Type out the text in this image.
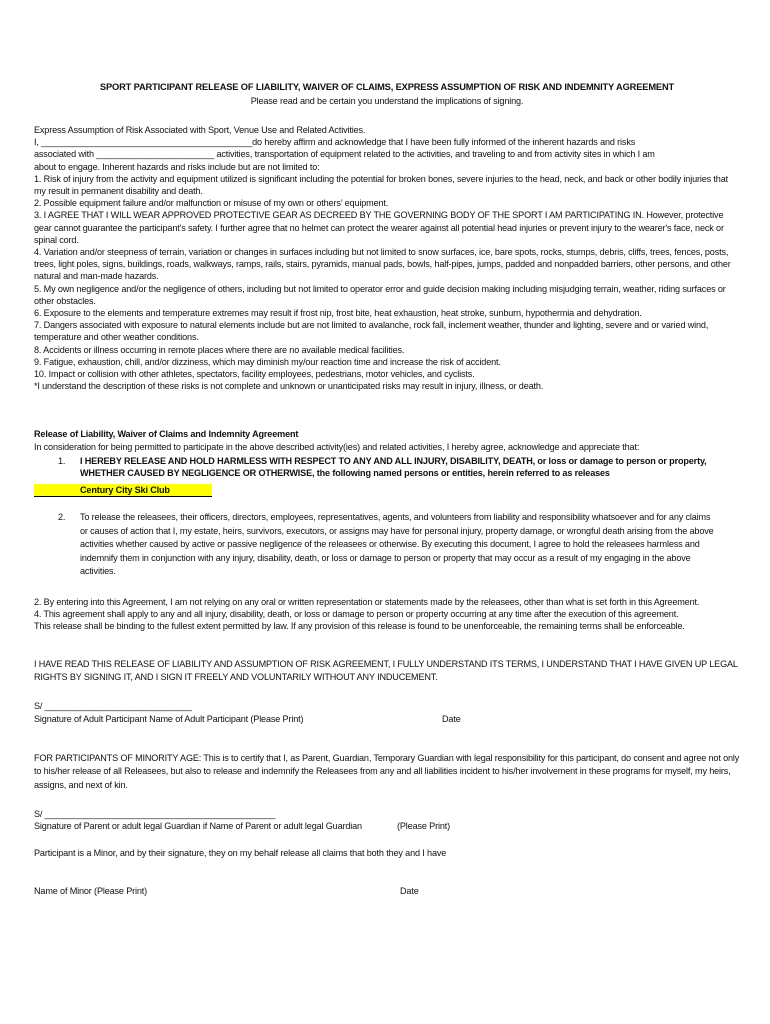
SPORT PARTICIPANT RELEASE OF LIABILITY, WAIVER OF CLAIMS, EXPRESS ASSUMPTION OF RISK AND INDEMNITY AGREEMENT
Please read and be certain you understand the implications of signing.

Express Assumption of Risk Associated with Sport, Venue Use and Related Activities.

I, ___________________________________________do hereby affirm and acknowledge that I have been fully informed of the inherent hazards and risks

associated with ________________________ activities, transportation of equipment related to the activities, and traveling to and from activity sites in which I am

about to engage. Inherent hazards and risks include but are not limited to:

1. Risk of injury from the activity and equipment utilized is significant including the potential for broken bones, severe injuries to the head, neck, and back or other bodily injuries that my result in permanent disability and death.

2. Possible equipment failure and/or malfunction or misuse of my own or others’ equipment.

3. I AGREE THAT I WILL WEAR APPROVED PROTECTIVE GEAR AS DECREED BY THE GOVERNING BODY OF THE SPORT I AM PARTICIPATING IN. However, protective gear cannot guarantee the participant's safety. I further agree that no helmet can protect the wearer against all potential head injuries or prevent injury to the wearer's face, neck or spinal cord.

4. Variation and/or steepness of terrain, variation or changes in surfaces including but not limited to snow surfaces, ice, bare spots, rocks, stumps, debris, cliffs, trees, fences, posts, trees, light poles, signs, buildings, roads, walkways, ramps, rails, stairs, pyramids, manual pads, bowls, half-pipes, jumps, padded and nonpadded barriers, other persons, and other natural and man-made hazards.

5. My own negligence and/or the negligence of others, including but not limited to operator error and guide decision making including misjudging terrain, weather, riding surfaces or other obstacles.

6. Exposure to the elements and temperature extremes may result if frost nip, frost bite, heat exhaustion, heat stroke, sunburn, hypothermia and dehydration.

7. Dangers associated with exposure to natural elements include but are not limited to avalanche, rock fall, inclement weather, thunder and lighting, severe and or varied wind, temperature and other weather conditions.

8. Accidents or illness occurring in remote places where there are no available medical facilities.

9. Fatigue, exhaustion, chill, and/or dizziness, which may diminish my/our reaction time and increase the risk of accident.

10. Impact or collision with other athletes, spectators, facility employees, pedestrians, motor vehicles, and cyclists.

*I understand the description of these risks is not complete and unknown or unanticipated risks may result in injury, illness, or death.

Release of Liability, Waiver of Claims and Indemnity Agreement
In consideration for being permitted to participate in the above described activity(ies) and related activities, I hereby agree, acknowledge and appreciate that:
1. I HEREBY RELEASE AND HOLD HARMLESS WITH RESPECT TO ANY AND ALL INJURY, DISABILITY, DEATH, or loss or damage to person or property, WHETHER CAUSED BY NEGLIGENCE OR OTHERWISE, the following named persons or entities, herein referred to as releases
Century City Ski Club
2. To release the releasees, their officers, directors, employees, representatives, agents, and volunteers from liability and responsibility whatsoever and for any claims or causes of action that I, my estate, heirs, survivors, executors, or assigns may have for personal injury, property damage, or wrongful death arising from the above activities whether caused by active or passive negligence of the releasees or otherwise. By executing this document, I agree to hold the releasees harmless and indemnify them in conjunction with any injury, disability, death, or loss or damage to person or property that may occur as a result of my engaging in the above activities.

2. By entering into this Agreement, I am not relying on any oral or written representation or statements made by the releasees, other than what is set forth in this Agreement.

4. This agreement shall apply to any and all injury, disability, death, or loss or damage to person or property occurring at any time after the execution of this agreement.

This release shall be binding to the fullest extent permitted by law. If any provision of this release is found to be unenforceable, the remaining terms shall be enforceable.

I HAVE READ THIS RELEASE OF LIABILITY AND ASSUMPTION OF RISK AGREEMENT, I FULLY UNDERSTAND ITS TERMS, I UNDERSTAND THAT I HAVE GIVEN UP LEGAL RIGHTS BY SIGNING IT, AND I SIGN IT FREELY AND VOLUNTARILY WITHOUT ANY INDUCEMENT.
S/ ______________________________
Signature of Adult Participant Name of Adult Participant (Please Print)	Date
FOR PARTICIPANTS OF MINORITY AGE: This is to certify that I, as Parent, Guardian, Temporary Guardian with legal responsibility for this participant, do consent and agree not only to his/her release of all Releasees, but also to release and indemnify the Releasees from any and all liabilities incident to his/her involvement in these programs for myself, my heirs, assigns, and next of kin.
S/ _______________________________________________
Signature of Parent or adult legal Guardian if Name of Parent or adult legal Guardian	(Please Print)
Participant is a Minor, and by their signature, they on my behalf release all claims that both they and I have
Name of Minor (Please Print)	Date
